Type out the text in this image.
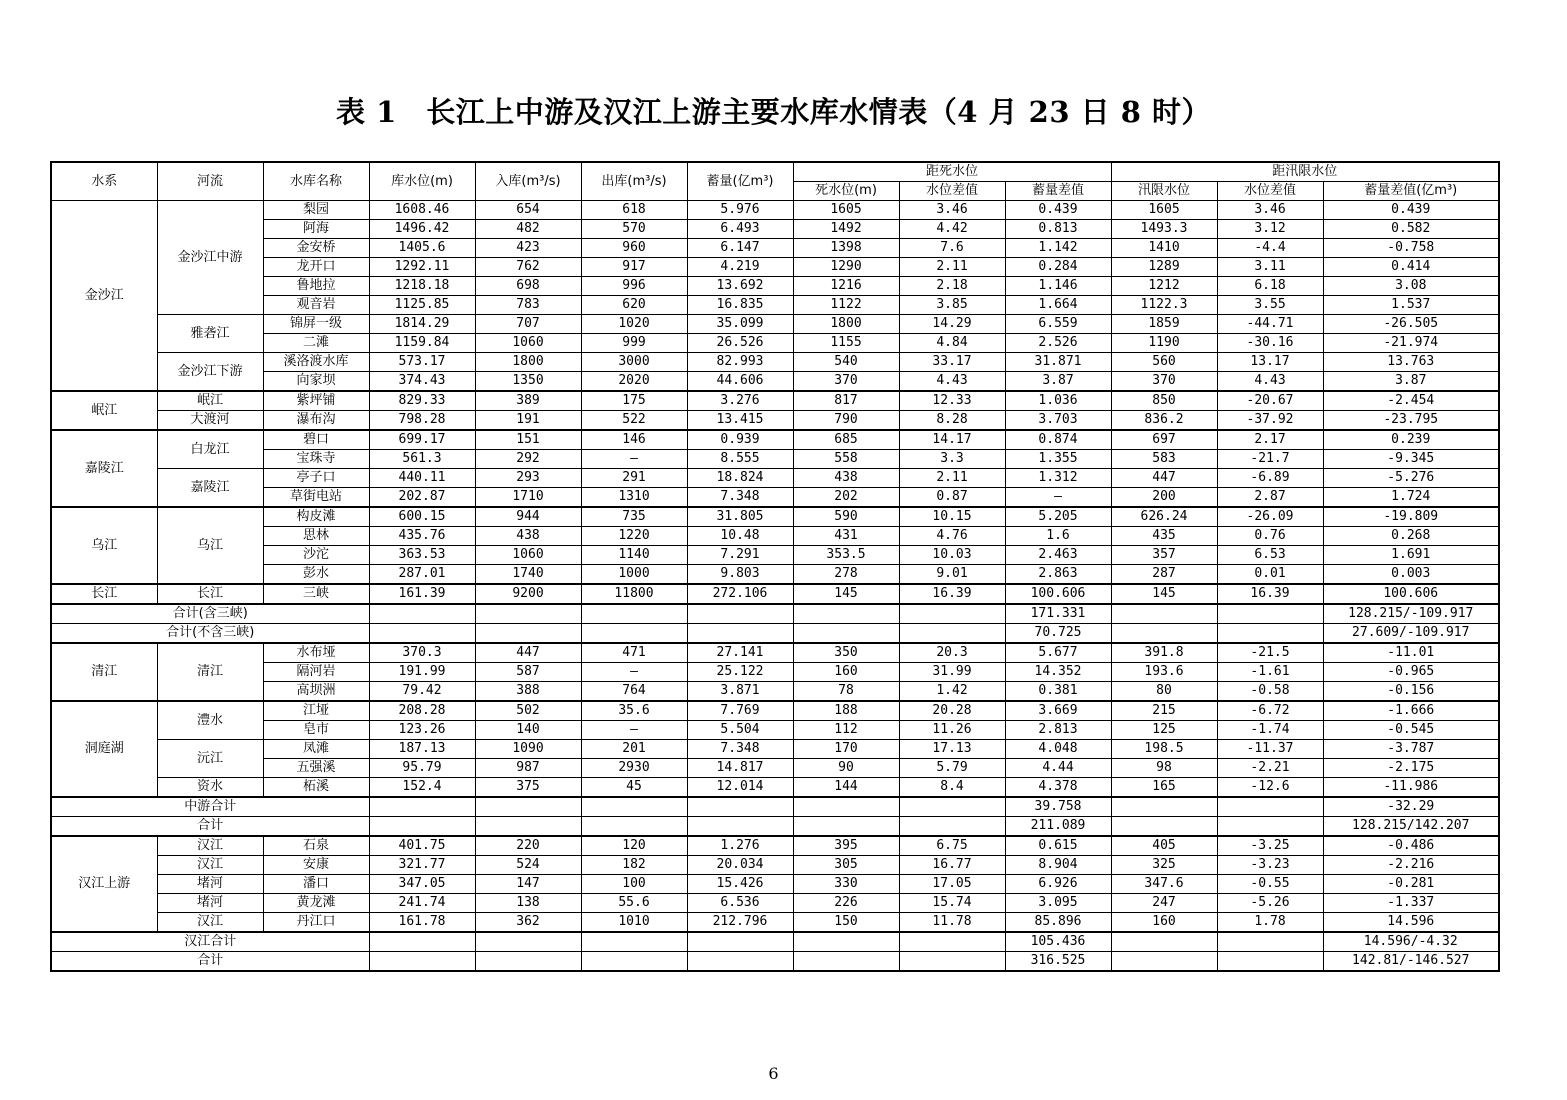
表 1　长江上中游及汉江上游主要水库水情表（4 月 23 日 8 时）
水系	河流	水库名称	库水位(m)	入库(m³/s)	出库(m³/s)	蓄量(亿m³)	距死水位			距汛限水位		
							死水位(m)	水位差值	蓄量差值	汛限水位	水位差值	蓄量差值(亿m³)
金沙江	金沙江中游	梨园	1608.46	654	618	5.976	1605	3.46	0.439	1605	3.46	0.439
		阿海	1496.42	482	570	6.493	1492	4.42	0.813	1493.3	3.12	0.582
		金安桥	1405.6	423	960	6.147	1398	7.6	1.142	1410	-4.4	-0.758
		龙开口	1292.11	762	917	4.219	1290	2.11	0.284	1289	3.11	0.414
		鲁地拉	1218.18	698	996	13.692	1216	2.18	1.146	1212	6.18	3.08
		观音岩	1125.85	783	620	16.835	1122	3.85	1.664	1122.3	3.55	1.537
	雅砻江	锦屏一级	1814.29	707	1020	35.099	1800	14.29	6.559	1859	-44.71	-26.505
		二滩	1159.84	1060	999	26.526	1155	4.84	2.526	1190	-30.16	-21.974
	金沙江下游	溪洛渡水库	573.17	1800	3000	82.993	540	33.17	31.871	560	13.17	13.763
		向家坝	374.43	1350	2020	44.606	370	4.43	3.87	370	4.43	3.87
岷江	岷江	紫坪铺	829.33	389	175	3.276	817	12.33	1.036	850	-20.67	-2.454
	大渡河	瀑布沟	798.28	191	522	13.415	790	8.28	3.703	836.2	-37.92	-23.795
嘉陵江	白龙江	碧口	699.17	151	146	0.939	685	14.17	0.874	697	2.17	0.239
		宝珠寺	561.3	292	–	8.555	558	3.3	1.355	583	-21.7	-9.345
	嘉陵江	亭子口	440.11	293	291	18.824	438	2.11	1.312	447	-6.89	-5.276
		草街电站	202.87	1710	1310	7.348	202	0.87	–	200	2.87	1.724
乌江	乌江	构皮滩	600.15	944	735	31.805	590	10.15	5.205	626.24	-26.09	-19.809
		思林	435.76	438	1220	10.48	431	4.76	1.6	435	0.76	0.268
		沙沱	363.53	1060	1140	7.291	353.5	10.03	2.463	357	6.53	1.691
		彭水	287.01	1740	1000	9.803	278	9.01	2.863	287	0.01	0.003
长江	长江	三峡	161.39	9200	11800	272.106	145	16.39	100.606	145	16.39	100.606
合计(含三峡)									171.331			128.215/-109.917
合计(不含三峡)									70.725			27.609/-109.917
清江	清江	水布垭	370.3	447	471	27.141	350	20.3	5.677	391.8	-21.5	-11.01
		隔河岩	191.99	587	–	25.122	160	31.99	14.352	193.6	-1.61	-0.965
		高坝洲	79.42	388	764	3.871	78	1.42	0.381	80	-0.58	-0.156
洞庭湖	澧水	江垭	208.28	502	35.6	7.769	188	20.28	3.669	215	-6.72	-1.666
		皂市	123.26	140	–	5.504	112	11.26	2.813	125	-1.74	-0.545
	沅江	凤滩	187.13	1090	201	7.348	170	17.13	4.048	198.5	-11.37	-3.787
		五强溪	95.79	987	2930	14.817	90	5.79	4.44	98	-2.21	-2.175
	资水	柘溪	152.4	375	45	12.014	144	8.4	4.378	165	-12.6	-11.986
中游合计									39.758			-32.29
合计									211.089			128.215/142.207
汉江上游	汉江	石泉	401.75	220	120	1.276	395	6.75	0.615	405	-3.25	-0.486
	汉江	安康	321.77	524	182	20.034	305	16.77	8.904	325	-3.23	-2.216
	堵河	潘口	347.05	147	100	15.426	330	17.05	6.926	347.6	-0.55	-0.281
	堵河	黄龙滩	241.74	138	55.6	6.536	226	15.74	3.095	247	-5.26	-1.337
	汉江	丹江口	161.78	362	1010	212.796	150	11.78	85.896	160	1.78	14.596
汉江合计									105.436			14.596/-4.32
合计									316.525			142.81/-146.527
6
